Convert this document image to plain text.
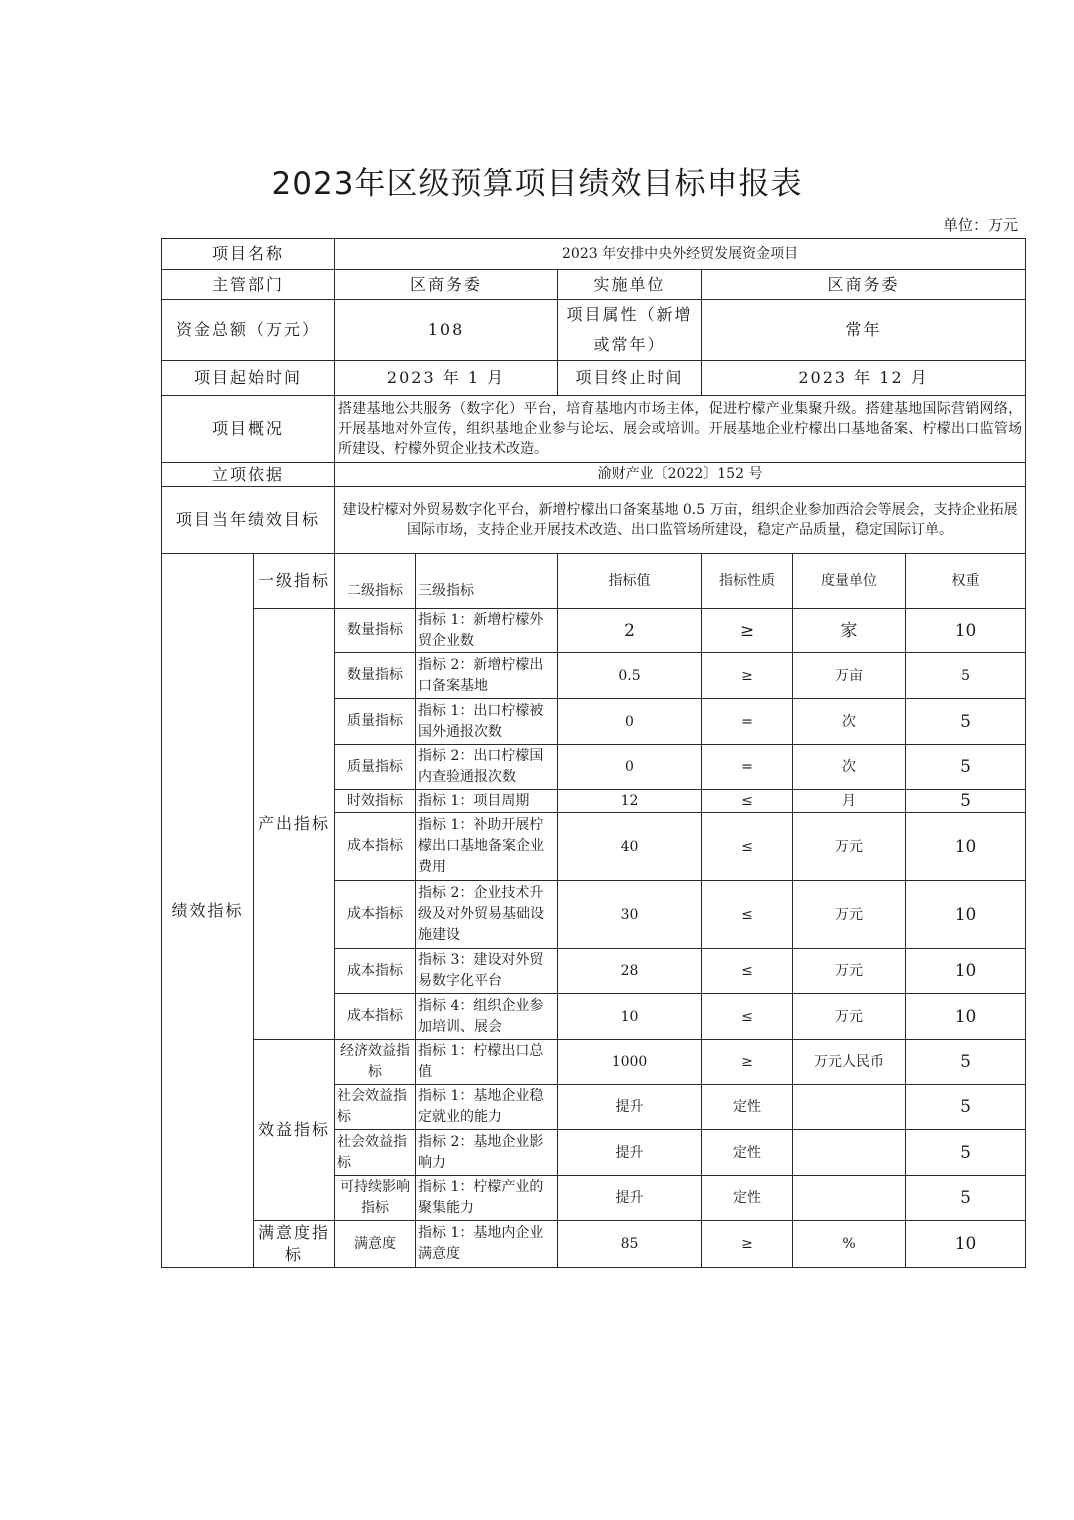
2023年区级预算项目绩效目标申报表
单位：万元
项目名称		2023 年安排中央外经贸发展资金项目					
主管部门		区商务委		实施单位	区商务委		
资金总额（万元）		108		项目属性（新增或常年）	常年		
项目起始时间		2023 年 1 月		项目终止时间	2023 年 12 月		
项目概况		搭建基地公共服务（数字化）平台，培育基地内市场主体，促进柠檬产业集聚升级。搭建基地国际营销网络，开展基地对外宣传，组织基地企业参与论坛、展会或培训。开展基地企业柠檬出口基地备案、柠檬出口监管场所建设、柠檬外贸企业技术改造。					
立项依据		渝财产业〔2022〕152 号					
项目当年绩效目标		建设柠檬对外贸易数字化平台，新增柠檬出口备案基地 0.5 万亩，组织企业参加西洽会等展会，支持企业拓展国际市场，支持企业开展技术改造、出口监管场所建设，稳定产品质量，稳定国际订单。					
绩效指标	一级指标	二级指标	三级指标	指标值	指标性质	度量单位	权重
	产出指标	数量指标	指标 1：新增柠檬外贸企业数	2	≥	家	10
		数量指标	指标 2：新增柠檬出口备案基地	0.5	≥	万亩	5
		质量指标	指标 1：出口柠檬被国外通报次数	0	=	次	5
		质量指标	指标 2：出口柠檬国内查验通报次数	0	=	次	5
		时效指标	指标 1：项目周期	12	≤	月	5
		成本指标	指标 1：补助开展柠檬出口基地备案企业费用	40	≤	万元	10
		成本指标	指标 2：企业技术升级及对外贸易基础设施建设	30	≤	万元	10
		成本指标	指标 3：建设对外贸易数字化平台	28	≤	万元	10
		成本指标	指标 4：组织企业参加培训、展会	10	≤	万元	10
	效益指标	经济效益指标	指标 1：柠檬出口总值	1000	≥	万元人民币	5
		社会效益指标	指标 1：基地企业稳定就业的能力	提升	定性		5
		社会效益指标	指标 2：基地企业影响力	提升	定性		5
		可持续影响指标	指标 1：柠檬产业的聚集能力	提升	定性		5
	满意度指标	满意度	指标 1：基地内企业满意度	85	≥	%	10
